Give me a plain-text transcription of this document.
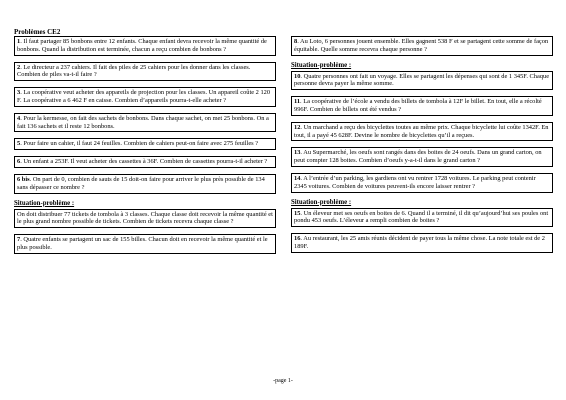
Problèmes CE2
1. Il faut partager 85 bonbons entre 12 enfants. Chaque enfant devra recevoir la même quantité de bonbons. Quand la distribution est terminée, chacun a reçu combien de bonbons ?
2. Le directeur a 237 cahiers. Il fait des piles de 25 cahiers pour les donner dans les classes. Combien de piles va-t-il faire ?
3. La coopérative veut acheter des appareils de projection pour les classes. Un appareil coûte 2 120 F. La coopérative a 6 462 F en caisse. Combien d’appareils pourra-t-elle acheter ?
4. Pour la kermesse, on fait des sachets de bonbons. Dans chaque sachet, on met 25 bonbons. On a fait 136 sachets et il reste 12 bonbons.
5. Pour faire un cahier, il faut 24 feuilles. Combien de cahiers peut-on faire avec 275 feuilles ?
6. Un enfant a 253F. Il veut acheter des cassettes à 36F. Combien de cassettes pourra-t-il acheter ?
6 bis. On part de 0, combien de sauts de 15 doit-on faire pour arriver le plus près possible de 134 sans dépasser ce nombre ?
Situation-problème :
On doit distribuer 77 tickets de tombola à 3 classes. Chaque classe doit recevoir la même quantité et le plus grand nombre possible de tickets. Combien de tickets recevra chaque classe ?
7. Quatre enfants se partagent un sac de 155 billes. Chacun doit en recevoir la même quantité et le plus possible.
8. Au Loto, 6 personnes jouent ensemble. Elles gagnent 538 F et se partagent cette somme de façon équitable. Quelle somme recevra chaque personne ?
Situation-problème :
10. Quatre personnes ont fait un voyage. Elles se partagent les dépenses qui sont de 1 345F. Chaque personne devra payer la même somme.
11. La coopérative de l’école a vendu des billets de tombola à 12F le billet. En tout, elle a récolté 996F. Combien de billets ont été vendus ?
12. Un marchand a reçu des bicyclettes toutes au même prix. Chaque bicyclette lui coûte 1342F. En tout, il a payé 45 628F. Devine le nombre de bicyclettes qu’il a reçues.
13. Au Supermarché, les oeufs sont rangés dans des boites de 24 oeufs. Dans un grand carton, on peut compter 128 boites. Combien d’oeufs y-a-t-il dans le grand carton ?
14. A l’entrée d’un parking, les gardiens ont vu rentrer 1728 voitures. Le parking peut contenir 2345 voitures. Combien de voitures peuvent-ils encore laisser rentrer ?
Situation-problème :
15. Un éleveur met ses oeufs en boites de 6. Quand il a terminé, il dit qu’aujourd’hui ses poules ont pondu 453 oeufs. L’éleveur a rempli combien de boites ?
16. Au restaurant, les 25 amis réunis décident de payer tous la même chose. La note totale est de 2 189F.
-page 1-
